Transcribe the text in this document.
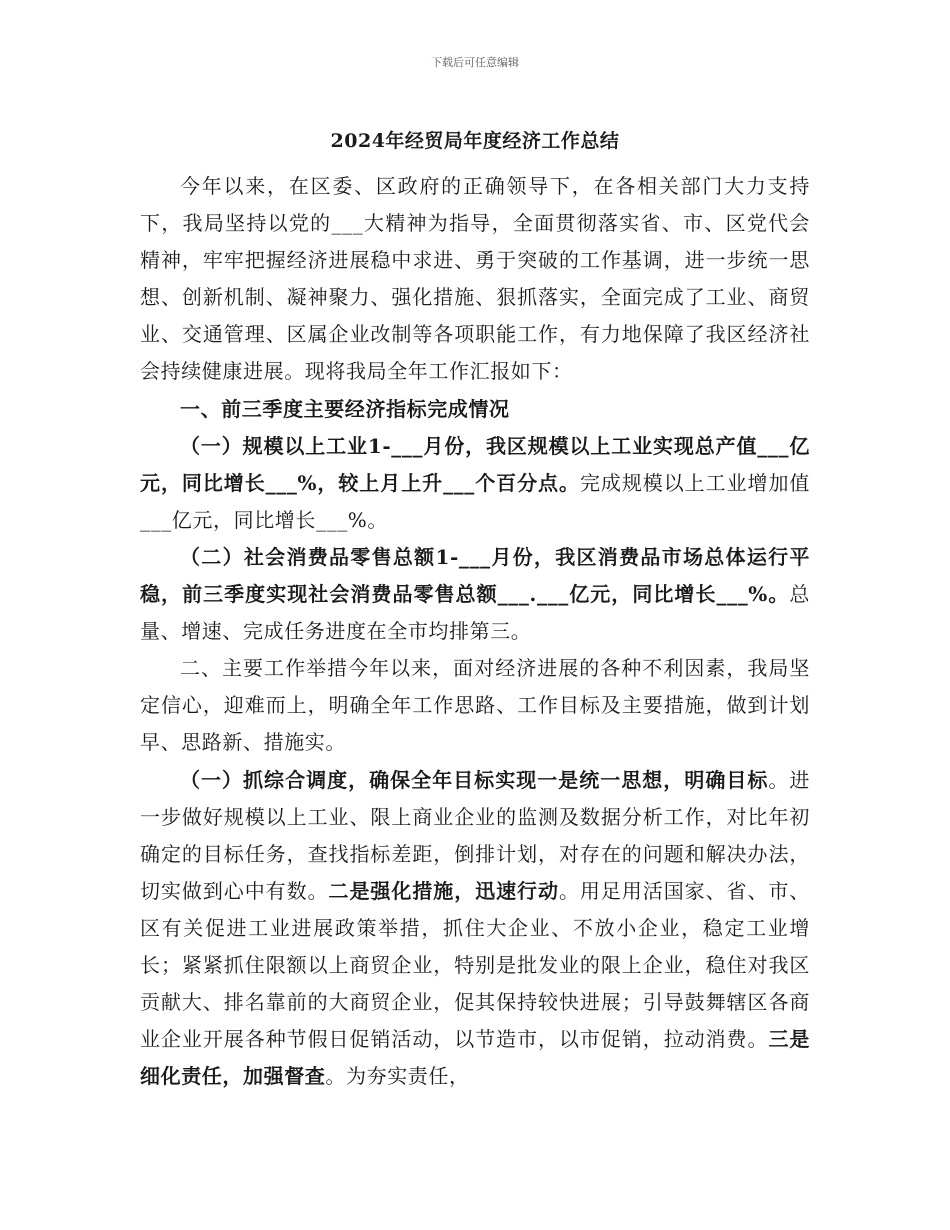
下载后可任意编辑
2024年经贸局年度经济工作总结

今年以来，在区委、区政府的正确领导下，在各相关部门大力支持下，我局坚持以党的___大精神为指导，全面贯彻落实省、市、区党代会精神，牢牢把握经济进展稳中求进、勇于突破的工作基调，进一步统一思想、创新机制、凝神聚力、强化措施、狠抓落实，全面完成了工业、商贸业、交通管理、区属企业改制等各项职能工作，有力地保障了我区经济社会持续健康进展。现将我局全年工作汇报如下：

一、前三季度主要经济指标完成情况

（一）规模以上工业1-___月份，我区规模以上工业实现总产值___亿元，同比增长___%，较上月上升___个百分点。完成规模以上工业增加值___亿元，同比增长___%。

（二）社会消费品零售总额1-___月份，我区消费品市场总体运行平稳，前三季度实现社会消费品零售总额___.___亿元，同比增长___%。总量、增速、完成任务进度在全市均排第三。

二、主要工作举措今年以来，面对经济进展的各种不利因素，我局坚定信心，迎难而上，明确全年工作思路、工作目标及主要措施，做到计划早、思路新、措施实。

（一）抓综合调度，确保全年目标实现一是统一思想，明确目标。进一步做好规模以上工业、限上商业企业的监测及数据分析工作，对比年初确定的目标任务，查找指标差距，倒排计划，对存在的问题和解决办法，切实做到心中有数。二是强化措施，迅速行动。用足用活国家、省、市、区有关促进工业进展政策举措，抓住大企业、不放小企业，稳定工业增长；紧紧抓住限额以上商贸企业，特别是批发业的限上企业，稳住对我区贡献大、排名靠前的大商贸企业，促其保持较快进展；引导鼓舞辖区各商业企业开展各种节假日促销活动，以节造市，以市促销，拉动消费。三是细化责任，加强督查。为夯实责任，
